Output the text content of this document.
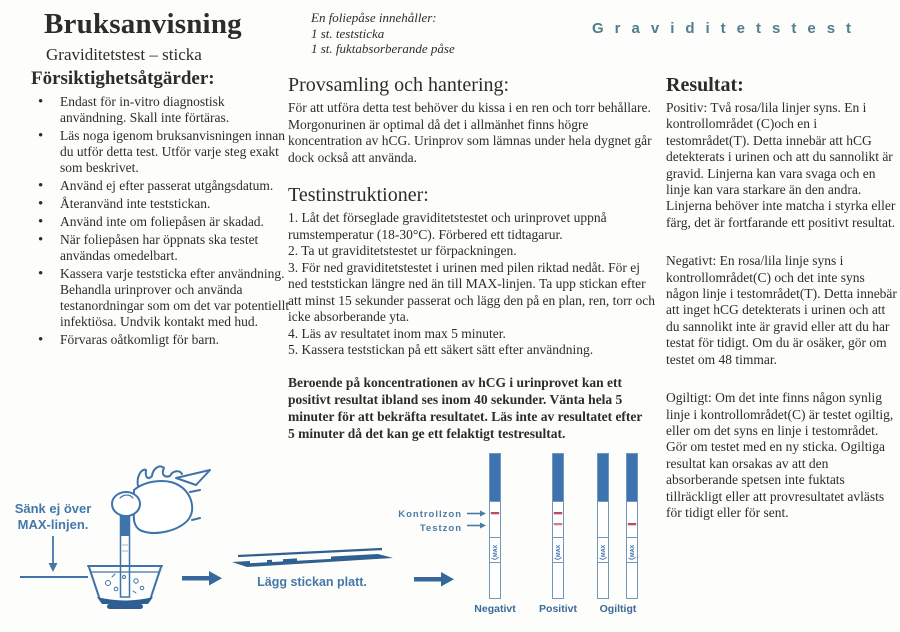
Bruksanvisning
Graviditetstest – sticka
Försiktighetsåtgärder:
• Endast för in-vitro diagnostisk användning. Skall inte förtäras.
• Läs noga igenom bruksanvisningen innan du utför detta test. Utför varje steg exakt som beskrivet.
• Använd ej efter passerat utgångsdatum.
• Återanvänd inte teststickan.
• Använd inte om foliepåsen är skadad.
• När foliepåsen har öppnats ska testet användas omedelbart.
• Kassera varje teststicka efter användning. Behandla urinprover och använda testanordningar som om det var potentiellt infektiösa. Undvik kontakt med hud.
• Förvaras oåtkomligt för barn.
En foliepåse innehåller:
1 st. teststicka
1 st. fuktabsorberande påse
Graviditetstest
Provsamling och hantering:

För att utföra detta test behöver du kissa i en ren och torr behållare. Morgonurinen är optimal då det i allmänhet finns högre koncentration av hCG. Urinprov som lämnas under hela dygnet går dock också att använda.

Testinstruktioner:
1. Låt det förseglade graviditetstestet och urinprovet uppnå rumstemperatur (18-30°C). Förbered ett tidtagarur.
2. Ta ut graviditetstestet ur förpackningen.
3. För ned graviditetstestet i urinen med pilen riktad nedåt. För ej ned teststickan längre ned än till MAX-linjen. Ta upp stickan efter att minst 15 sekunder passerat och lägg den på en plan, ren, torr och icke absorberande yta.
4. Läs av resultatet inom max 5 minuter.
5. Kassera teststickan på ett säkert sätt efter användning.

Beroende på koncentrationen av hCG i urinprovet kan ett positivt resultat ibland ses inom 40 sekunder. Vänta hela 5 minuter för att bekräfta resultatet. Läs inte av resultatet efter 5 minuter då det kan ge ett felaktigt testresultat.

Resultat:

Positiv: Två rosa/lila linjer syns. En i kontrollområdet (C)och en i testområdet(T). Detta innebär att hCG detekterats i urinen och att du sannolikt är gravid. Linjerna kan vara svaga och en linje kan vara starkare än den andra. Linjerna behöver inte matcha i styrka eller färg, det är fortfarande ett positivt resultat.

Negativt: En rosa/lila linje syns i kontrollområdet(C) och det inte syns någon linje i testområdet(T). Detta innebär att inget hCG detekterats i urinen och att du sannolikt inte är gravid eller att du har testat för tidigt. Om du är osäker, gör om testet om 48 timmar.

Ogiltigt: Om det inte finns någon synlig linje i kontrollområdet(C) är testet ogiltig, eller om det syns en linje i testområdet. Gör om testet med en ny sticka. Ogiltiga resultat kan orsakas av att den absorberande spetsen inte fuktats tillräckligt eller att provresultatet avlästs för tidigt eller för sent.

Sänk ej över
MAX-linjen.
Lägg stickan platt.
Kontrollzon
Testzon
MAX	MAX	MAX	MAX
Negativt Positivt Ogiltigt
